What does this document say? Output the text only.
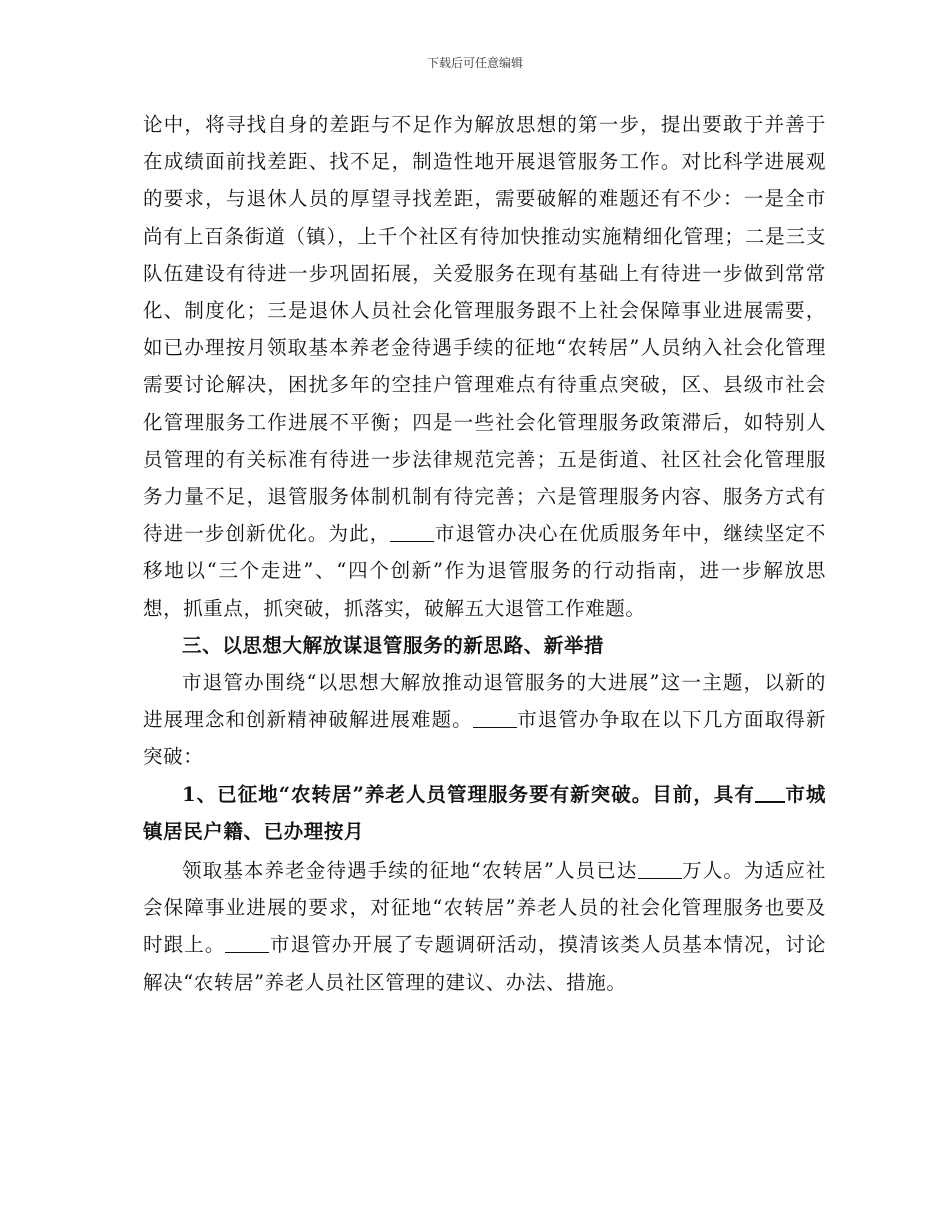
下载后可任意编辑

论中，将寻找自身的差距与不足作为解放思想的第一步，提出要敢于并善于在成绩面前找差距、找不足，制造性地开展退管服务工作。对比科学进展观的要求，与退休人员的厚望寻找差距，需要破解的难题还有不少：一是全市尚有上百条街道（镇），上千个社区有待加快推动实施精细化管理；二是三支队伍建设有待进一步巩固拓展，关爱服务在现有基础上有待进一步做到常常化、制度化；三是退休人员社会化管理服务跟不上社会保障事业进展需要，如已办理按月领取基本养老金待遇手续的征地“农转居”人员纳入社会化管理需要讨论解决，困扰多年的空挂户管理难点有待重点突破，区、县级市社会化管理服务工作进展不平衡；四是一些社会化管理服务政策滞后，如特别人员管理的有关标准有待进一步法律规范完善；五是街道、社区社会化管理服务力量不足，退管服务体制机制有待完善；六是管理服务内容、服务方式有待进一步创新优化。为此， 市退管办决心在优质服务年中，继续坚定不移地以“三个走进”、“四个创新”作为退管服务的行动指南，进一步解放思想，抓重点，抓突破，抓落实，破解五大退管工作难题。

三、以思想大解放谋退管服务的新思路、新举措

市退管办围绕“以思想大解放推动退管服务的大进展”这一主题，以新的进展理念和创新精神破解进展难题。 市退管办争取在以下几方面取得新突破：

1、已征地“农转居”养老人员管理服务要有新突破。目前，具有 市城镇居民户籍、已办理按月

领取基本养老金待遇手续的征地“农转居”人员已达 万人。为适应社会保障事业进展的要求，对征地“农转居”养老人员的社会化管理服务也要及时跟上。 市退管办开展了专题调研活动，摸清该类人员基本情况，讨论解决“农转居”养老人员社区管理的建议、办法、措施。
